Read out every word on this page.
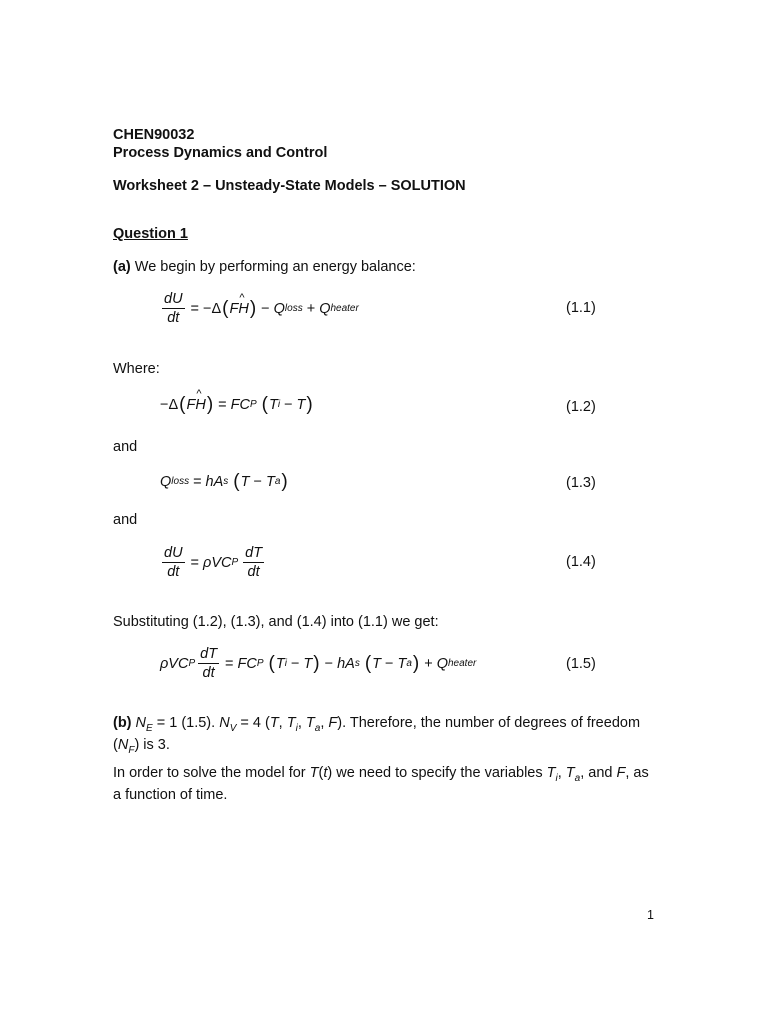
CHEN90032
Process Dynamics and Control
Worksheet 2 – Unsteady-State Models – SOLUTION
Question 1
(a) We begin by performing an energy balance:
$\frac{dU}{dt} = -\Delta$ ( F ^ H ) − Q loss + Q heater	(1.1)
Where:
−Δ ( F ^ H ) = FC P ( T i − T )	(1.2)
and
Q loss = hA s ( T − T a )	(1.3)
and
$\frac{dU}{dt} = \rho VC$ P $\frac{dT}{dt}$	(1.4)
Substituting (1.2), (1.3), and (1.4) into (1.1) we get:
ρVC P $\frac{dT}{dt}$ = FC P ( T i − T ) − hA s ( T − T a ) + Q heater	(1.5)
(b) $N_E = 1$ (1.5). $N_V = 4$ (T, $T_i$, $T_a$, F). Therefore, the number of degrees of freedom $(N_F)$ is 3.
In order to solve the model for T(t) we need to specify the variables $T_i$, $T_a$, and F, as a function of time.
1
